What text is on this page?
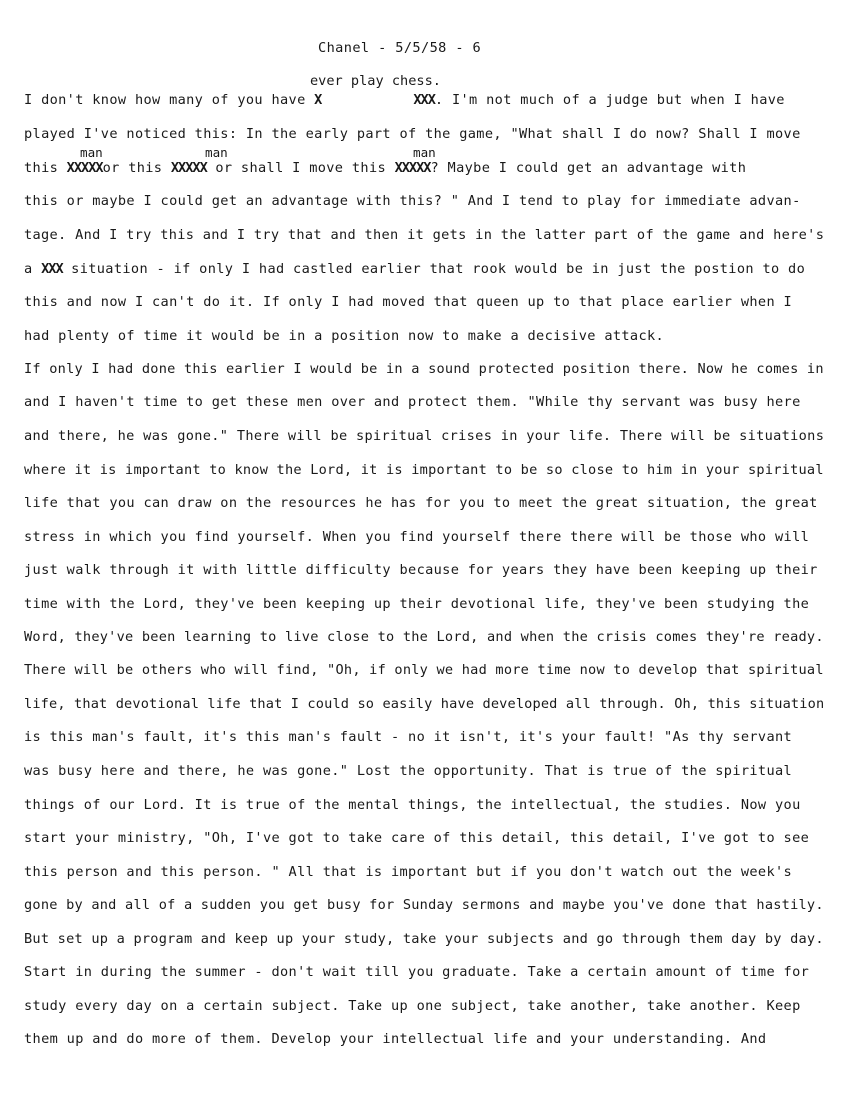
Chanel - 5/5/58 - 6
ever play chess.
man	man	man
I don't know how many of you have X	XXX. I'm not much of a judge but when I have
played I've noticed this: In the early part of the game, "What shall I do now? Shall I move
this XXXXXor this XXXXX or shall I move this XXXXX? Maybe I could get an advantage with
this or maybe I could get an advantage with this? " And I tend to play for immediate advan-
tage. And I try this and I try that and then it gets in the latter part of the game and here's
a XXX situation - if only I had castled earlier that rook would be in just the postion to do
this and now I can't do it. If only I had moved that queen up to that place earlier when I
had plenty of time it would be in a position now to make a decisive attack.
If only I had done this earlier I would be in a sound protected position there. Now he comes in
and I haven't time to get these men over and protect them. "While thy servant was busy here
and there, he was gone." There will be spiritual crises in your life. There will be situations
where it is important to know the Lord, it is important to be so close to him in your spiritual
life that you can draw on the resources he has for you to meet the great situation, the great
stress in which you find yourself. When you find yourself there there will be those who will
just walk through it with little difficulty because for years they have been keeping up their
time with the Lord, they've been keeping up their devotional life, they've been studying the
Word, they've been learning to live close to the Lord, and when the crisis comes they're ready.
There will be others who will find, "Oh, if only we had more time now to develop that spiritual
life, that devotional life that I could so easily have developed all through. Oh, this situation
is this man's fault, it's this man's fault - no it isn't, it's your fault! "As thy servant
was busy here and there, he was gone." Lost the opportunity. That is true of the spiritual
things of our Lord. It is true of the mental things, the intellectual, the studies. Now you
start your ministry, "Oh, I've got to take care of this detail, this detail, I've got to see
this person and this person. " All that is important but if you don't watch out the week's
gone by and all of a sudden you get busy for Sunday sermons and maybe you've done that hastily.
But set up a program and keep up your study, take your subjects and go through them day by day.
Start in during the summer - don't wait till you graduate. Take a certain amount of time for
study every day on a certain subject. Take up one subject, take another, take another. Keep
them up and do more of them. Develop your intellectual life and your understanding. And
